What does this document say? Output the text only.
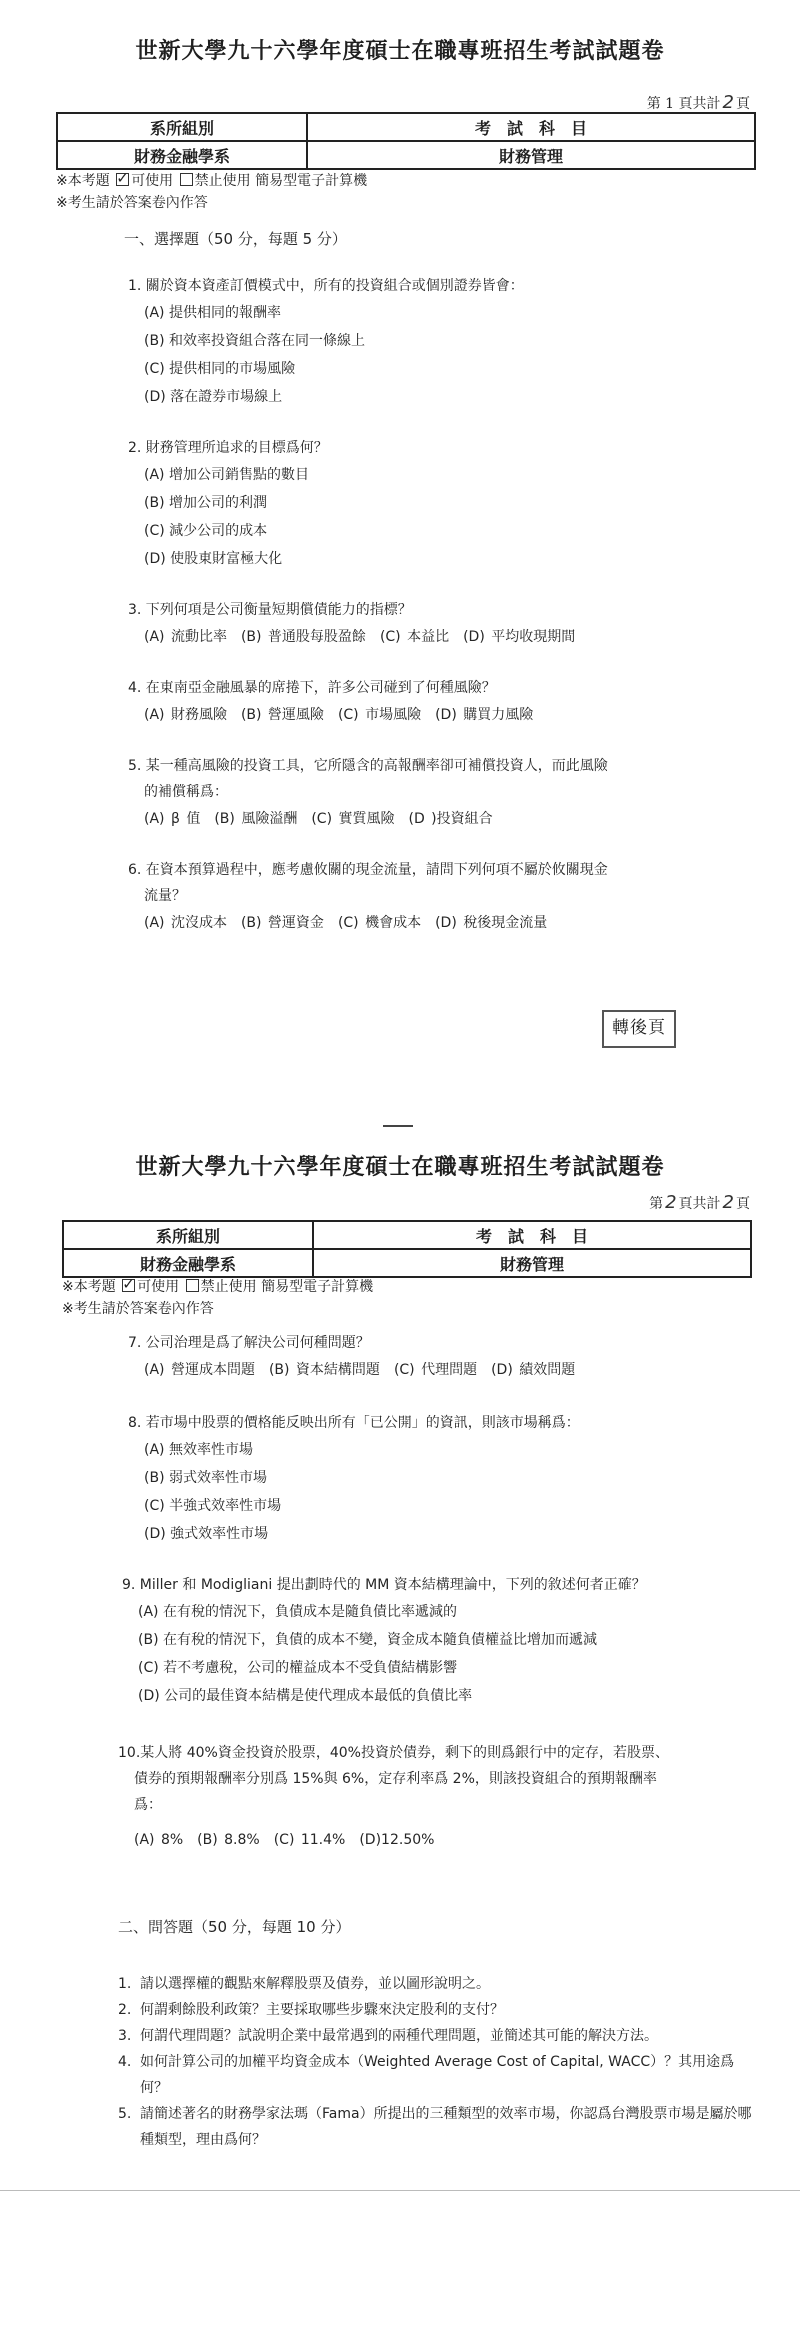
世新大學九十六學年度碩士在職專班招生考試試題卷
第 1 頁共計 2 頁
系所組別	考　試　科　目
財務金融學系	財務管理
※本考題 ✓ 可使用 禁止使用 簡易型電子計算機
※考生請於答案卷內作答
一、選擇題（50 分，每題 5 分）
1. 關於資本資產訂價模式中，所有的投資組合或個別證券皆會：
(A) 提供相同的報酬率
(B) 和效率投資組合落在同一條線上
(C) 提供相同的市場風險
(D) 落在證券市場線上
2. 財務管理所追求的目標爲何？
(A) 增加公司銷售點的數目
(B) 增加公司的利潤
(C) 減少公司的成本
(D) 使股東財富極大化
3. 下列何項是公司衡量短期償債能力的指標？
(A) 流動比率 (B) 普通股每股盈餘 (C) 本益比 (D) 平均收現期間
4. 在東南亞金融風暴的席捲下，許多公司碰到了何種風險？
(A) 財務風險 (B) 營運風險 (C) 市場風險 (D) 購買力風險
5. 某一種高風險的投資工具，它所隱含的高報酬率卻可補償投資人，而此風險
的補償稱爲：
(A) β 值 (B) 風險溢酬 (C) 實質風險 (D )投資組合
6. 在資本預算過程中，應考慮攸關的現金流量，請問下列何項不屬於攸關現金
流量？
(A) 沈沒成本 (B) 營運資金 (C) 機會成本 (D) 稅後現金流量
轉後頁
世新大學九十六學年度碩士在職專班招生考試試題卷
第 2 頁共計 2 頁
系所組別	考　試　科　目
財務金融學系	財務管理
※本考題 ✓ 可使用 禁止使用 簡易型電子計算機
※考生請於答案卷內作答
7. 公司治理是爲了解決公司何種問題？
(A) 營運成本問題 (B) 資本結構問題 (C) 代理問題 (D) 績效問題
8. 若市場中股票的價格能反映出所有「已公開」的資訊，則該市場稱爲：
(A) 無效率性市場
(B) 弱式效率性市場
(C) 半強式效率性市場
(D) 強式效率性市場
9. Miller 和 Modigliani 提出劃時代的 MM 資本結構理論中，下列的敘述何者正確？
(A) 在有稅的情況下，負債成本是隨負債比率遞減的
(B) 在有稅的情況下，負債的成本不變，資金成本隨負債權益比增加而遞減
(C) 若不考慮稅，公司的權益成本不受負債結構影響
(D) 公司的最佳資本結構是使代理成本最低的負債比率
10.某人將 40%資金投資於股票，40%投資於債券，剩下的則爲銀行中的定存，若股票、
債券的預期報酬率分別爲 15%與 6%，定存利率爲 2%，則該投資組合的預期報酬率
爲：
(A) 8% (B) 8.8% (C) 11.4% (D)12.50%
二、問答題（50 分，每題 10 分）
1. 請以選擇權的觀點來解釋股票及債券，並以圖形說明之。
2. 何謂剩餘股利政策？主要採取哪些步驟來決定股利的支付？
3. 何謂代理問題？試說明企業中最常遇到的兩種代理問題，並簡述其可能的解決方法。
4. 如何計算公司的加權平均資金成本（Weighted Average Cost of Capital, WACC）？其用途爲何？
5. 請簡述著名的財務學家法瑪（Fama）所提出的三種類型的效率市場，你認爲台灣股票市場是屬於哪種類型，理由爲何？
